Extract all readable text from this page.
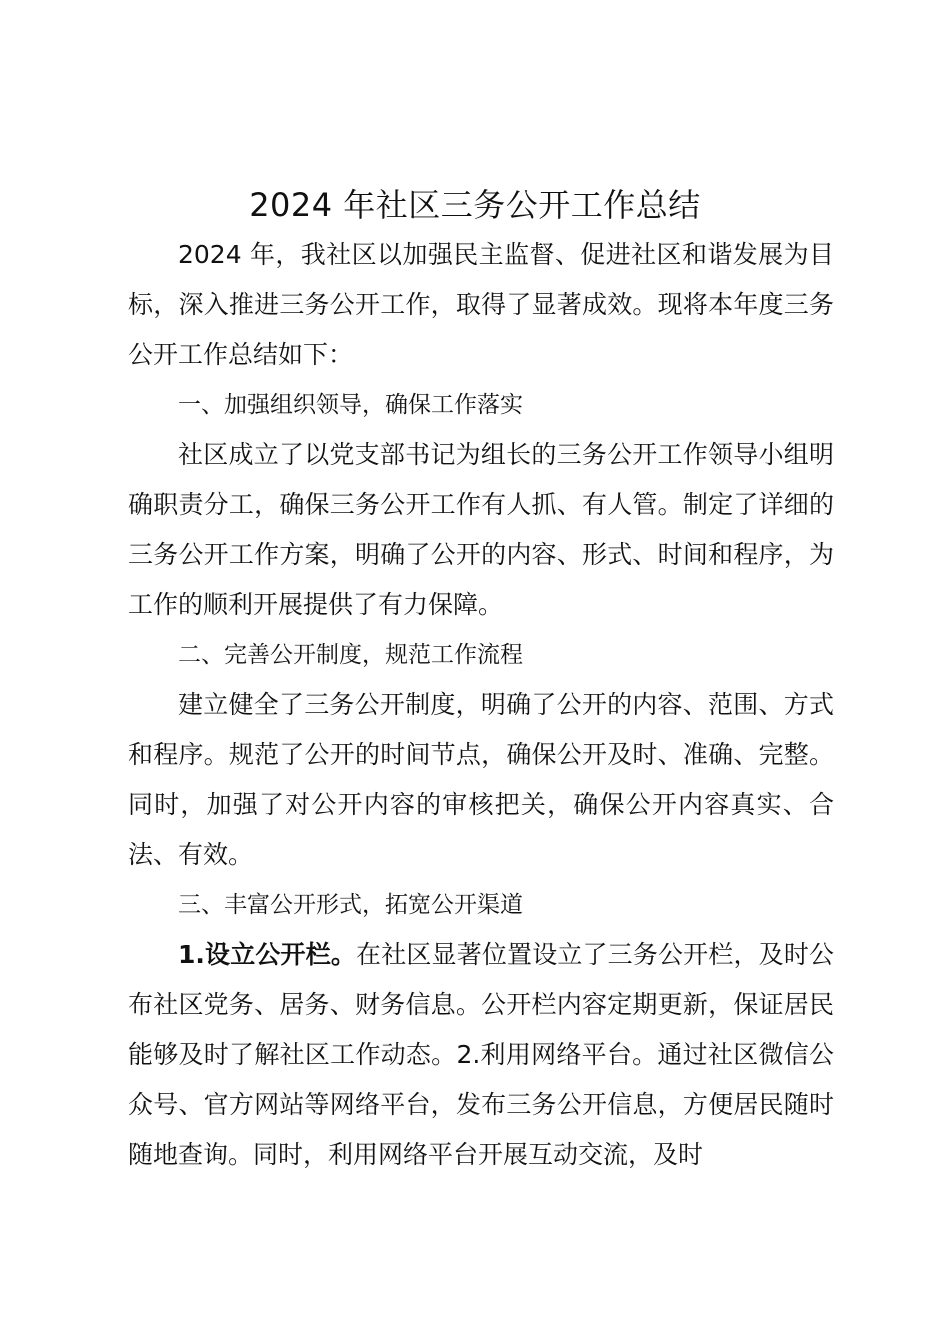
2024 年社区三务公开工作总结

2024 年，我社区以加强民主监督、促进社区和谐发展为目标，深入推进三务公开工作，取得了显著成效。现将本年度三务公开工作总结如下：

一、加强组织领导，确保工作落实

社区成立了以党支部书记为组长的三务公开工作领导小组明确职责分工，确保三务公开工作有人抓、有人管。制定了详细的三务公开工作方案，明确了公开的内容、形式、时间和程序，为工作的顺利开展提供了有力保障。

二、完善公开制度，规范工作流程

建立健全了三务公开制度，明确了公开的内容、范围、方式和程序。规范了公开的时间节点，确保公开及时、准确、完整。同时，加强了对公开内容的审核把关，确保公开内容真实、合法、有效。

三、丰富公开形式，拓宽公开渠道

1.设立公开栏。在社区显著位置设立了三务公开栏，及时公布社区党务、居务、财务信息。公开栏内容定期更新，保证居民能够及时了解社区工作动态。2.利用网络平台。通过社区微信公众号、官方网站等网络平台，发布三务公开信息，方便居民随时随地查询。同时，利用网络平台开展互动交流，及时
